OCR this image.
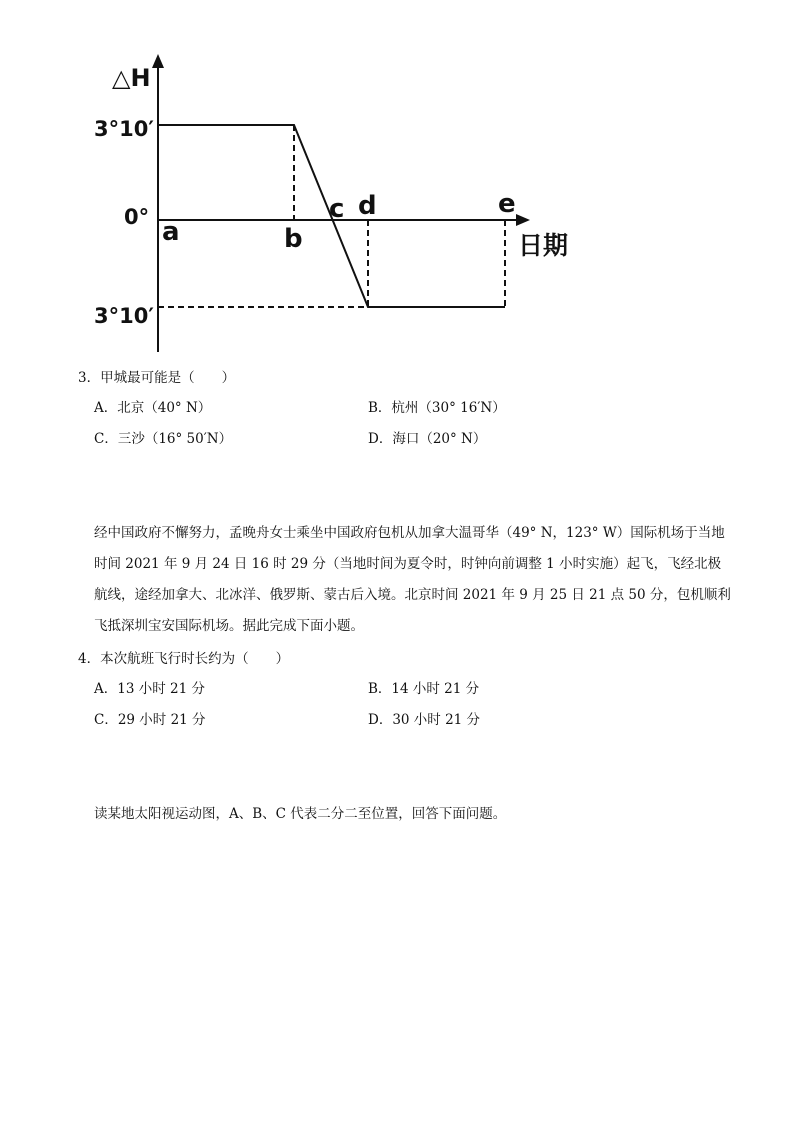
△H
3°10′
0°
3°10′
a	b
c d	e
日期
3．甲城最可能是（　　）
A．北京（40° N）	B．杭州（30° 16′N）
C．三沙（16° 50′N）	D．海口（20° N）
经中国政府不懈努力，孟晚舟女士乘坐中国政府包机从加拿大温哥华（49° N，123° W）国际机场于当地时间 2021 年 9 月 24 日 16 时 29 分（当地时间为夏令时，时钟向前调整 1 小时实施）起飞，飞经北极航线，途经加拿大、北冰洋、俄罗斯、蒙古后入境。北京时间 2021 年 9 月 25 日 21 点 50 分，包机顺利飞抵深圳宝安国际机场。据此完成下面小题。
4．本次航班飞行时长约为（　　）
A．13 小时 21 分	B．14 小时 21 分
C．29 小时 21 分	D．30 小时 21 分
读某地太阳视运动图，A、B、C 代表二分二至位置，回答下面问题。
